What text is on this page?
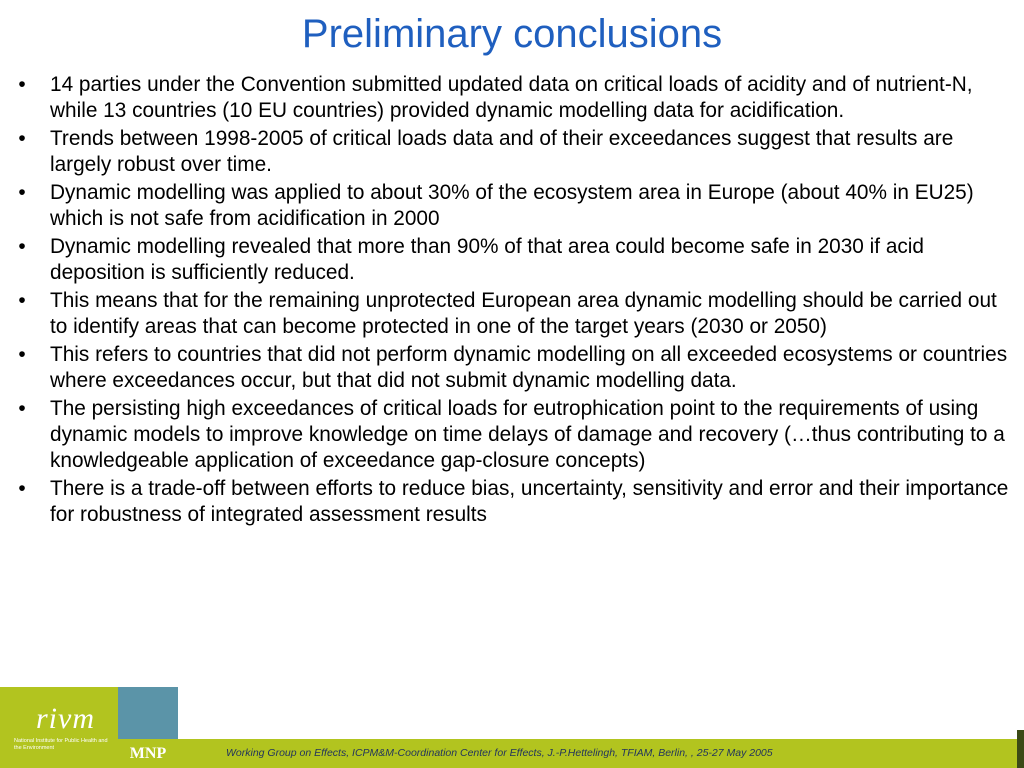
Preliminary conclusions
•	14 parties under the Convention submitted updated data on critical loads of acidity and of nutrient-N, while 13 countries (10 EU countries) provided dynamic modelling data for acidification.
•	Trends between 1998-2005 of critical loads data and of their exceedances suggest that results are largely robust over time.
•	Dynamic modelling was applied to about 30% of the ecosystem area in Europe (about 40% in EU25) which is not safe from acidification in 2000
•	Dynamic modelling revealed that more than 90% of that area could become safe in 2030 if acid deposition is sufficiently reduced.
•	This means that for the remaining unprotected European area dynamic modelling should be carried out to identify areas that can become protected in one of the target years (2030 or 2050)
•	This refers to countries that did not perform dynamic modelling on all exceeded ecosystems or countries where exceedances occur, but that did not submit dynamic modelling data.
•	The persisting high exceedances of critical loads for eutrophication point to the requirements of using dynamic models to improve knowledge on time delays of damage and recovery (…thus contributing to a knowledgeable application of exceedance gap-closure concepts)
•	There is a trade-off between efforts to reduce bias, uncertainty, sensitivity and error and their importance for robustness of integrated assessment results
rivm
National Institute for Public Health and the Environment	MNP	Working Group on Effects, ICPM&M-Coordination Center for Effects, J.-P.Hettelingh, TFIAM, Berlin, , 25-27 May 2005
